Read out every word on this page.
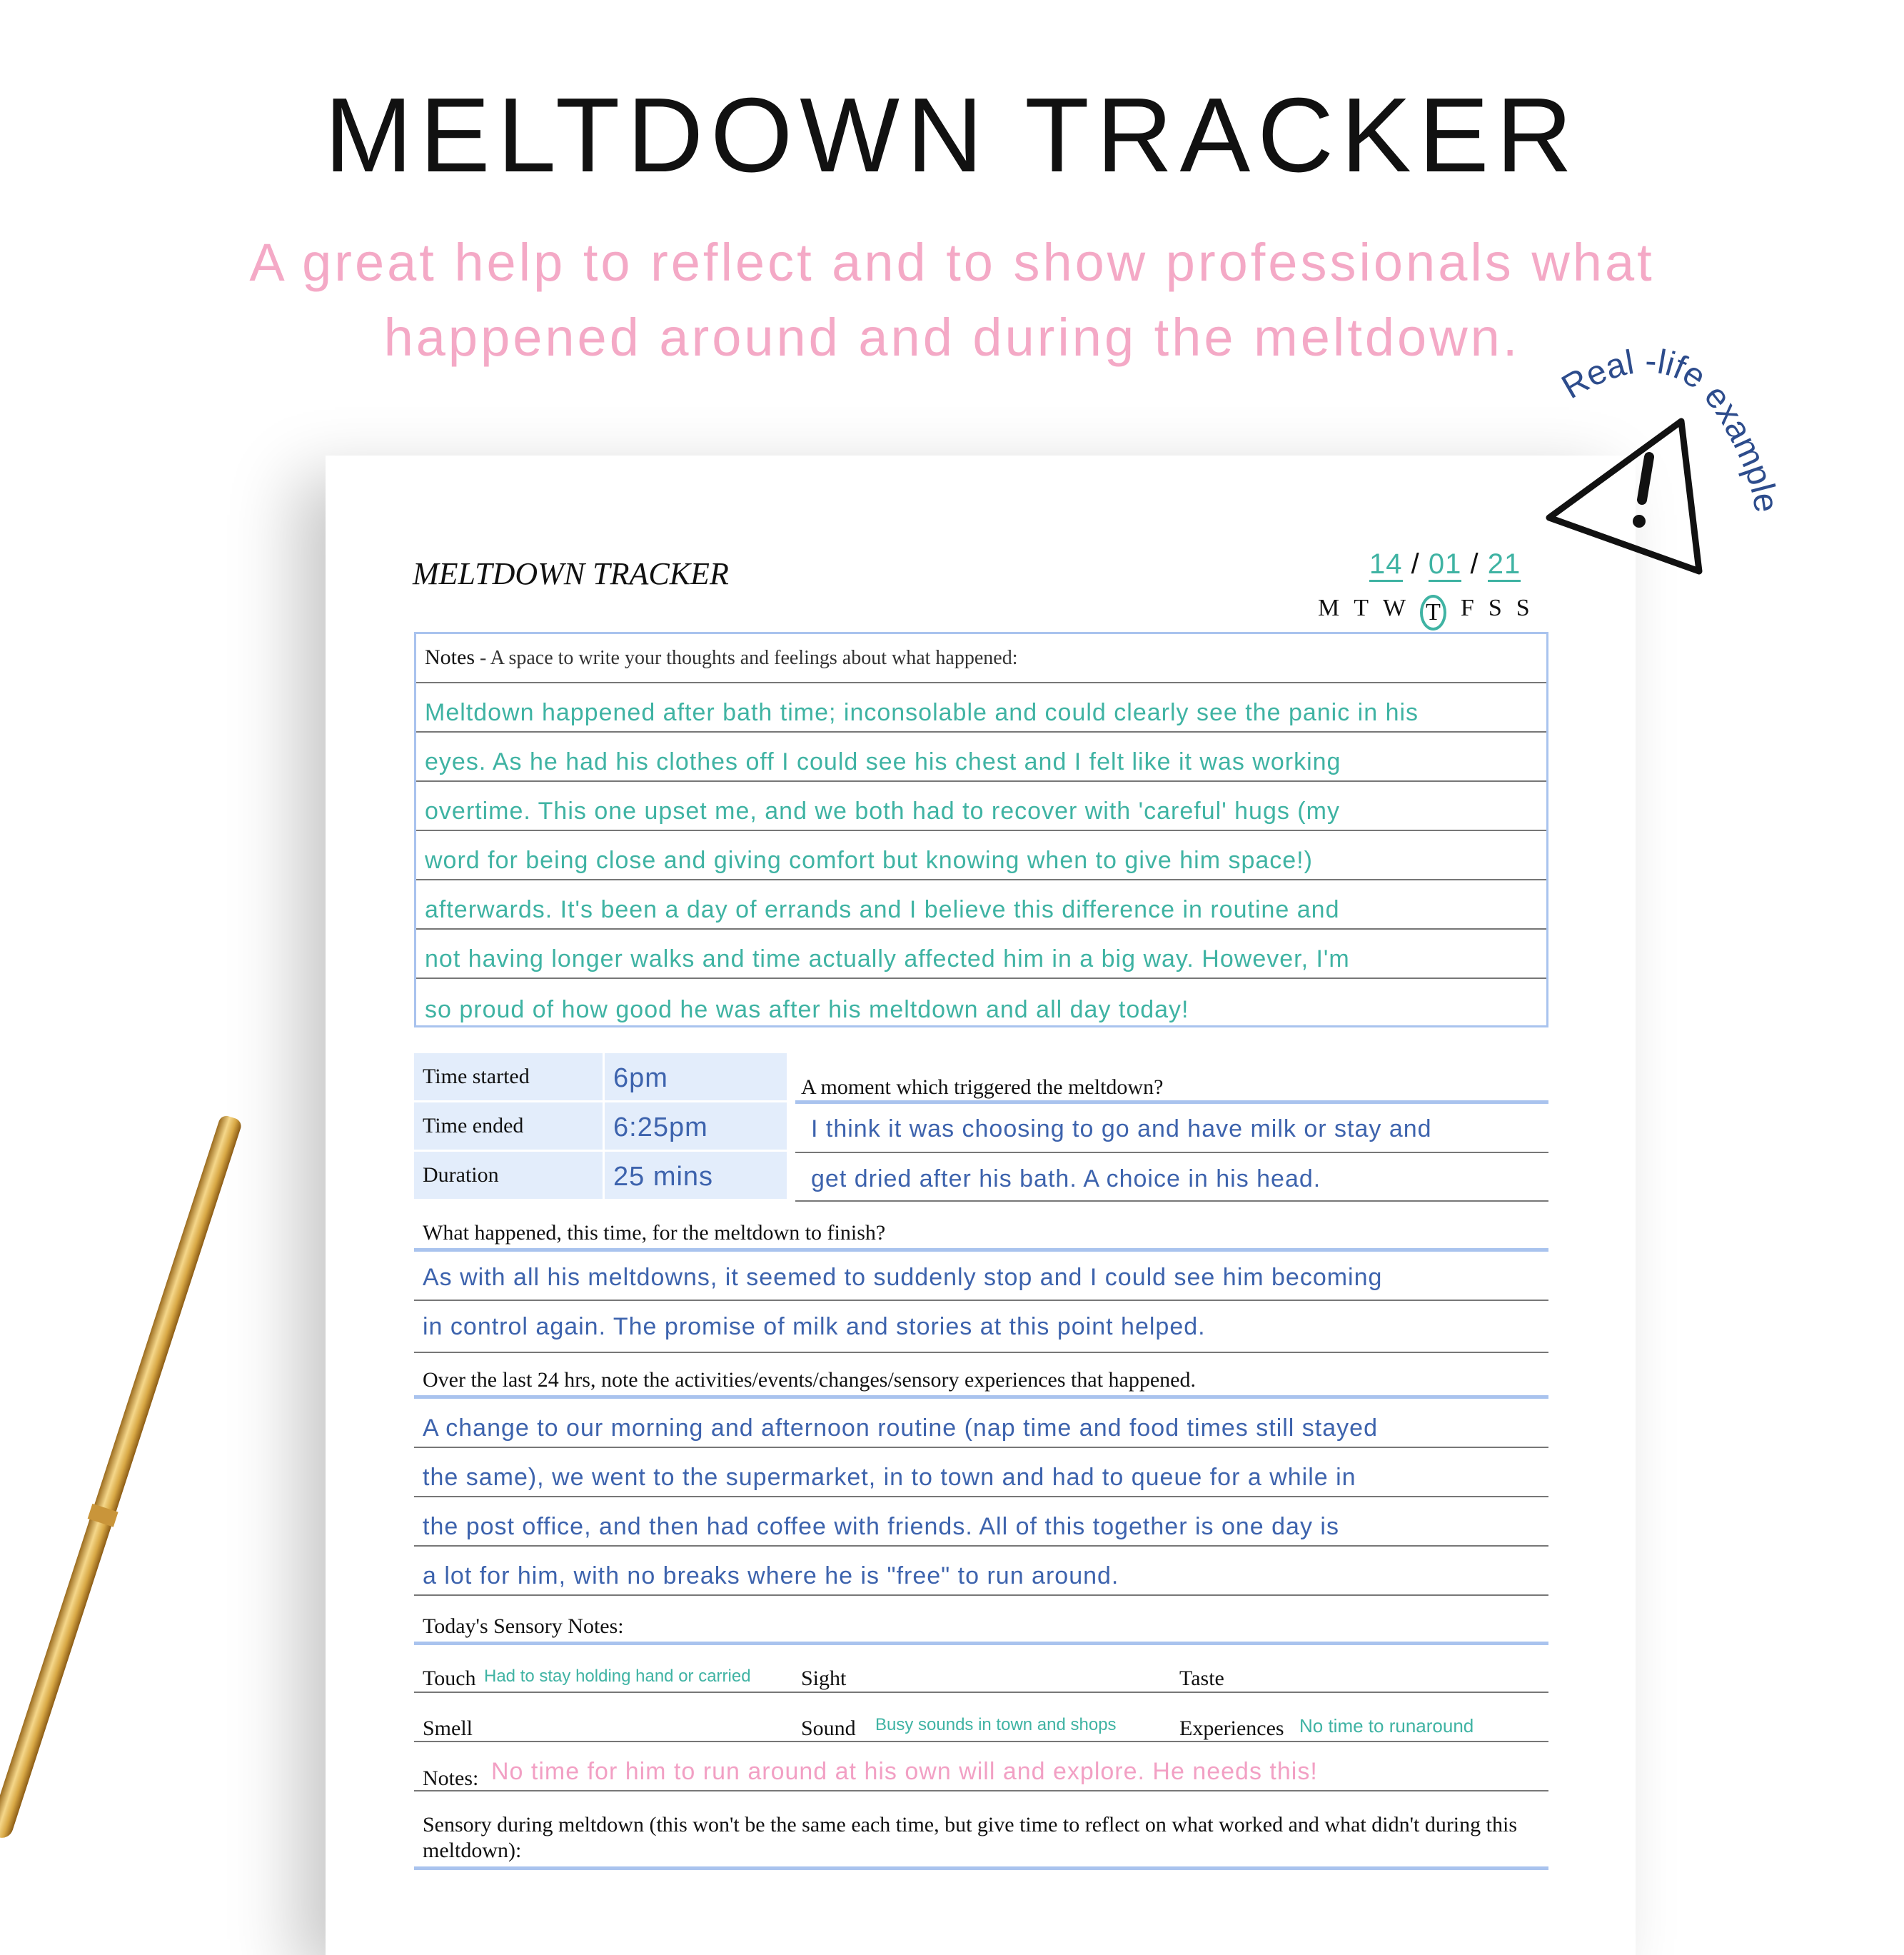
MELTDOWN TRACKER
A great help to reflect and to show professionals what
happened around and during the meltdown.
MELTDOWN TRACKER	14 / 01 / 21
M T W T F S S
Notes - A space to write your thoughts and feelings about what happened:
Meltdown happened after bath time; inconsolable and could clearly see the panic in his
eyes. As he had his clothes off I could see his chest and I felt like it was working
overtime. This one upset me, and we both had to recover with 'careful' hugs (my
word for being close and giving comfort but knowing when to give him space!)
afterwards. It's been a day of errands and I believe this difference in routine and
not having longer walks and time actually affected him in a big way. However, I'm
so proud of how good he was after his meltdown and all day today!
Time started	6pm
Time ended	6:25pm
Duration	25 mins
A moment which triggered the meltdown?
I think it was choosing to go and have milk or stay and
get dried after his bath. A choice in his head.
What happened, this time, for the meltdown to finish?
As with all his meltdowns, it seemed to suddenly stop and I could see him becoming
in control again. The promise of milk and stories at this point helped.
Over the last 24 hrs, note the activities/events/changes/sensory experiences that happened.
A change to our morning and afternoon routine (nap time and food times still stayed
the same), we went to the supermarket, in to town and had to queue for a while in
the post office, and then had coffee with friends. All of this together is one day is
a lot for him, with no breaks where he is "free" to run around.
Today's Sensory Notes:
Touch Had to stay holding hand or carried Sight	Taste
Smell	Sound Busy sounds in town and shops	Experiences No time to runaround
Notes: No time for him to run around at his own will and explore. He needs this!
Sensory during meltdown (this won't be the same each time, but give time to reflect on what worked and what didn't during this meltdown):
Real -life example
